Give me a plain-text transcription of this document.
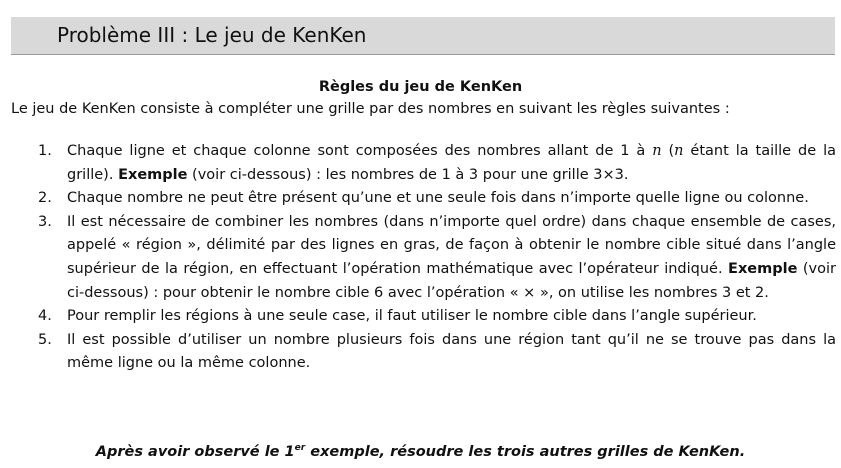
Problème III : Le jeu de KenKen
Règles du jeu de KenKen
Le jeu de KenKen consiste à compléter une grille par des nombres en suivant les règles suivantes :
1.	Chaque ligne et chaque colonne sont composées des nombres allant de 1 à n (n étant la taille de la grille). Exemple (voir ci-dessous) : les nombres de 1 à 3 pour une grille 3×3.
2.	Chaque nombre ne peut être présent qu’une et une seule fois dans n’importe quelle ligne ou colonne.
3.	Il est nécessaire de combiner les nombres (dans n’importe quel ordre) dans chaque ensemble de cases, appelé « région », délimité par des lignes en gras, de façon à obtenir le nombre cible situé dans l’angle supérieur de la région, en effectuant l’opération mathématique avec l’opérateur indiqué. Exemple (voir ci-dessous) : pour obtenir le nombre cible 6 avec l’opération « × », on utilise les nombres 3 et 2.
4.	Pour remplir les régions à une seule case, il faut utiliser le nombre cible dans l’angle supérieur.
5.	Il est possible d’utiliser un nombre plusieurs fois dans une région tant qu’il ne se trouve pas dans la même ligne ou la même colonne.
Après avoir observé le 1er exemple, résoudre les trois autres grilles de KenKen.
